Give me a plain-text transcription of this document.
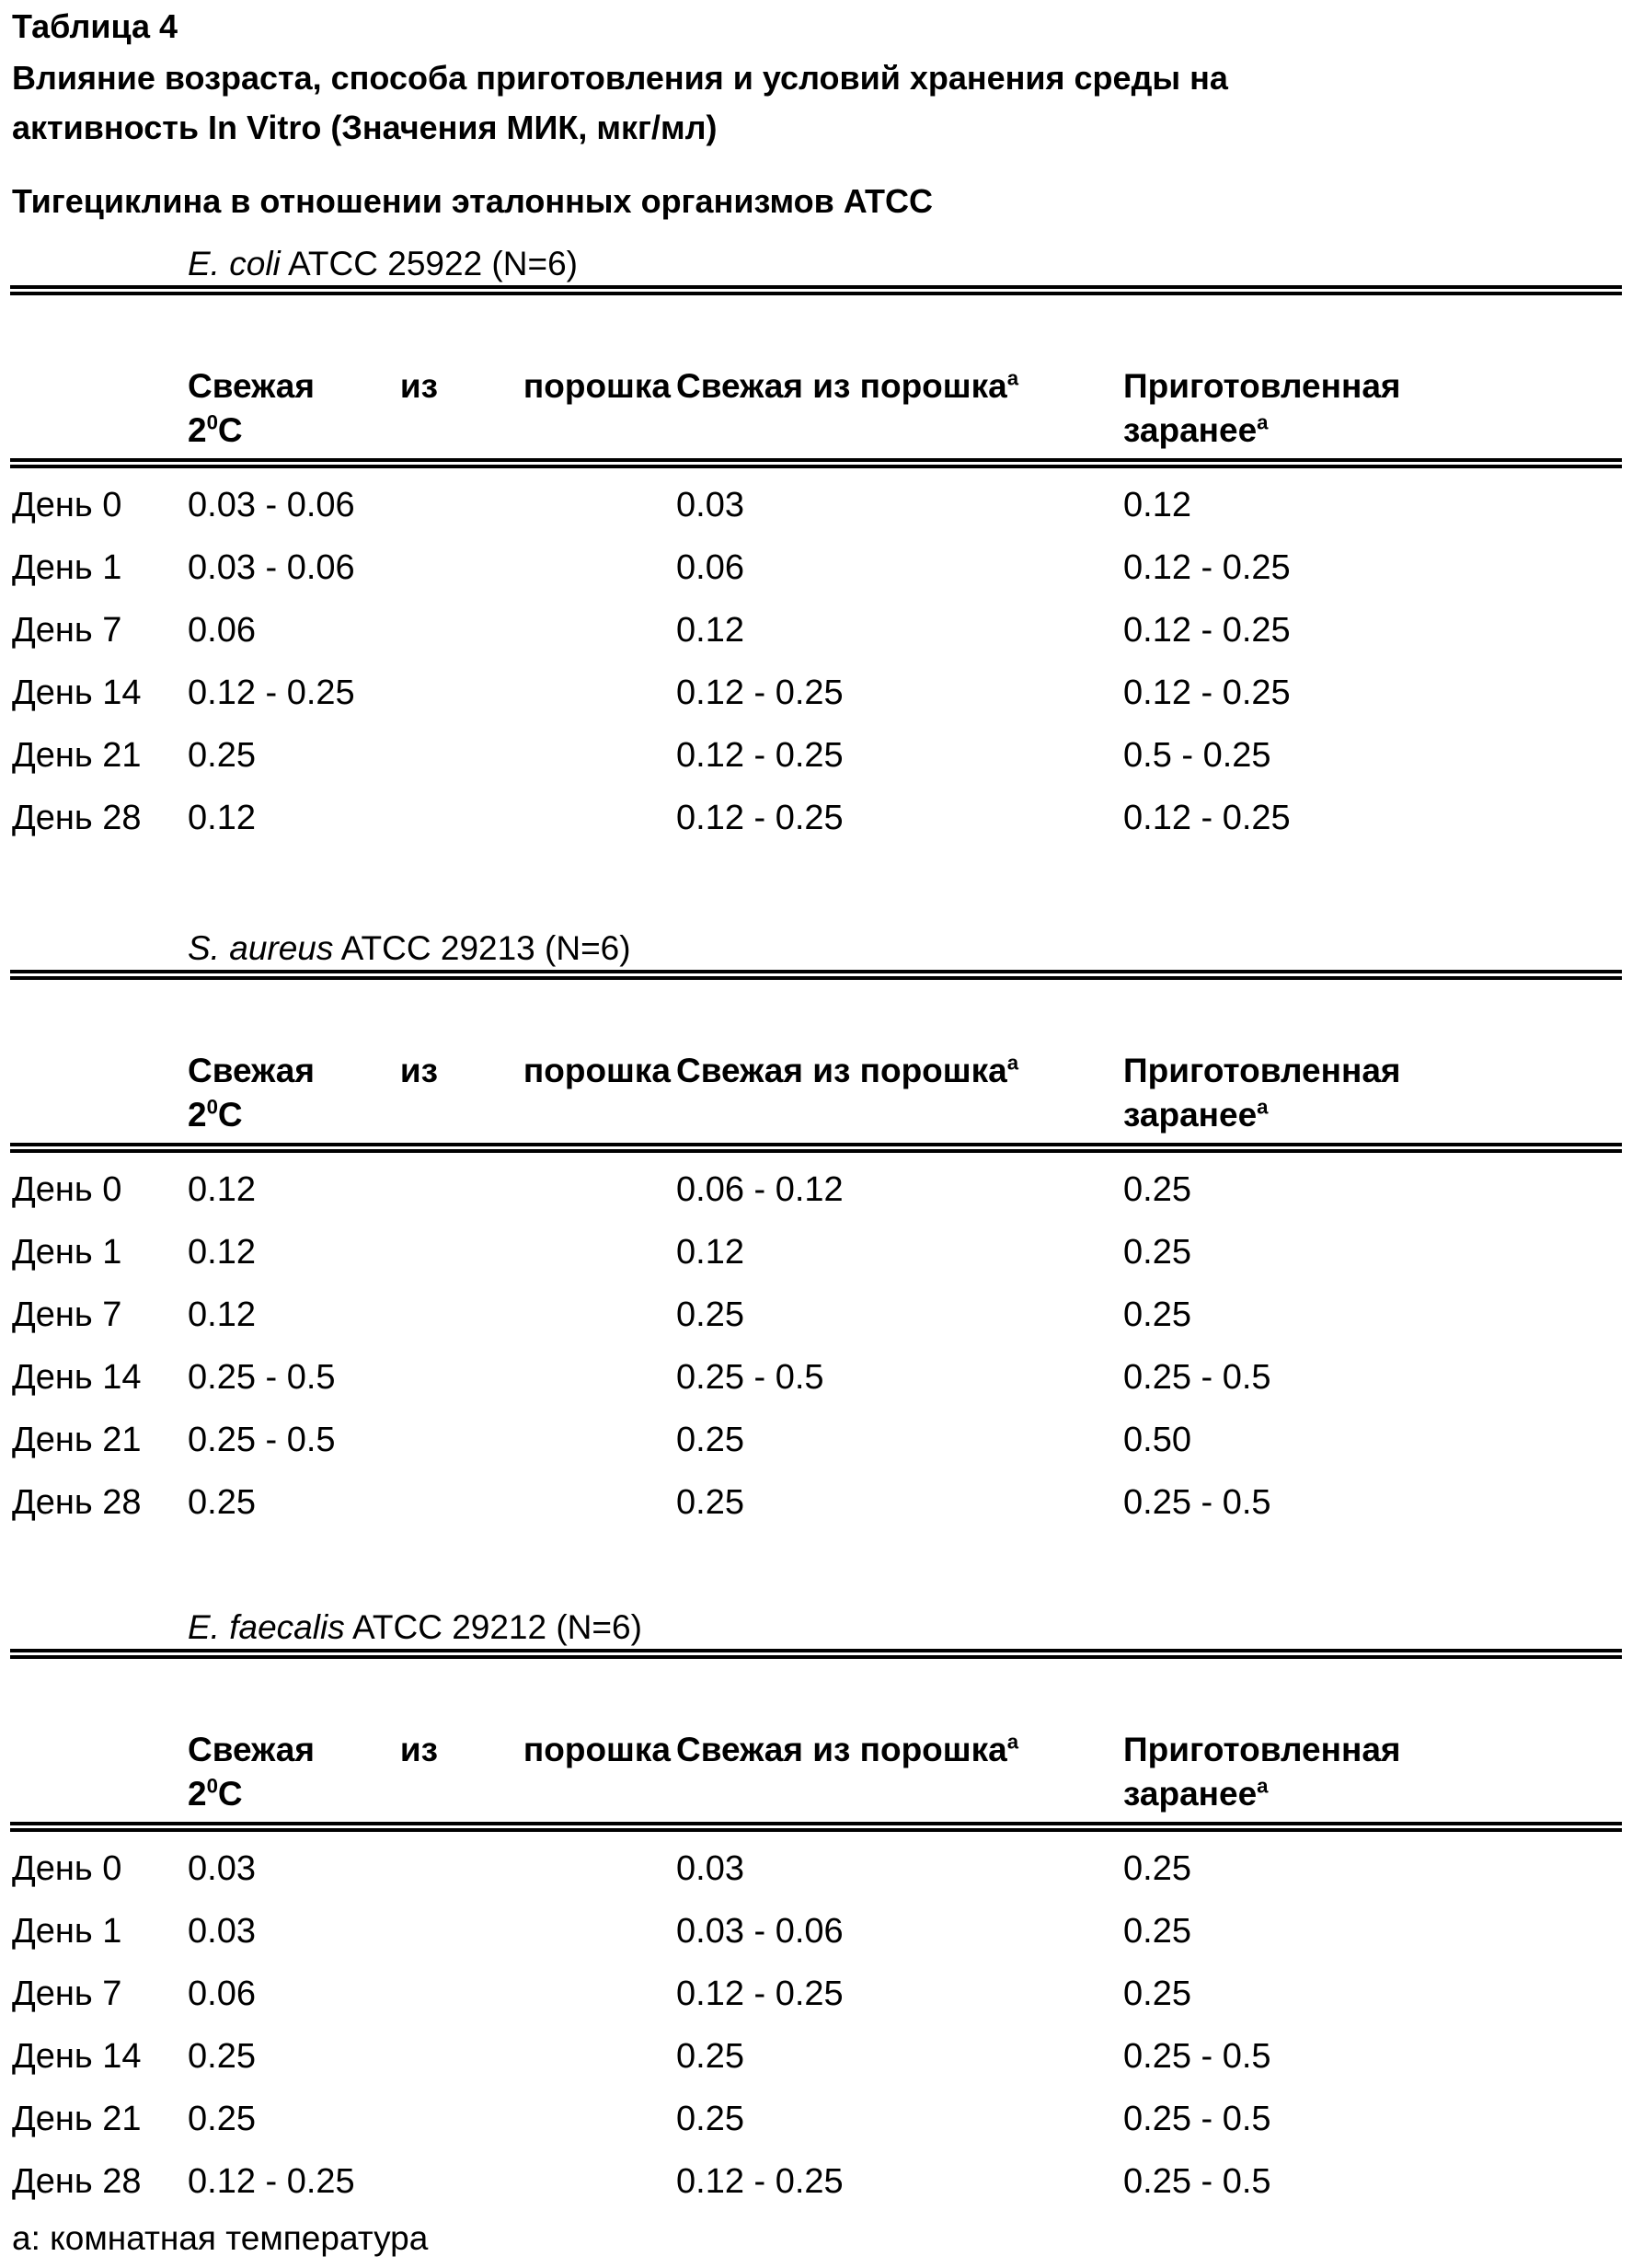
Таблица 4
Влияние возраста, способа приготовления и условий хранения среды на
активность In Vitro (Значения МИК, мкг/мл)
Тигециклина в отношении эталонных организмов ATCC
E. coli ATCC 25922 (N=6)
Свежая	из	порошка
20C
Свежая из порошкаa	Приготовленная
заранееa
День 0 0.03 - 0.06	0.03	0.12
День 1 0.03 - 0.06	0.06	0.12 - 0.25
День 7 0.06	0.12	0.12 - 0.25
День 14 0.12 - 0.25	0.12 - 0.25	0.12 - 0.25
День 21 0.25	0.12 - 0.25	0.5 - 0.25
День 28 0.12	0.12 - 0.25	0.12 - 0.25
S. aureus ATCC 29213 (N=6)
Свежая	из	порошка
20C
Свежая из порошкаa	Приготовленная
заранееa
День 0 0.12	0.06 - 0.12	0.25
День 1 0.12	0.12	0.25
День 7 0.12	0.25	0.25
День 14 0.25 - 0.5	0.25 - 0.5	0.25 - 0.5
День 21 0.25 - 0.5	0.25	0.50
День 28 0.25	0.25	0.25 - 0.5
E. faecalis ATCC 29212 (N=6)
Свежая	из	порошка
20C
Свежая из порошкаa	Приготовленная
заранееa
День 0 0.03	0.03	0.25
День 1 0.03	0.03 - 0.06	0.25
День 7 0.06	0.12 - 0.25	0.25
День 14 0.25	0.25	0.25 - 0.5
День 21 0.25	0.25	0.25 - 0.5
День 28 0.12 - 0.25	0.12 - 0.25	0.25 - 0.5
a: комнатная температура
